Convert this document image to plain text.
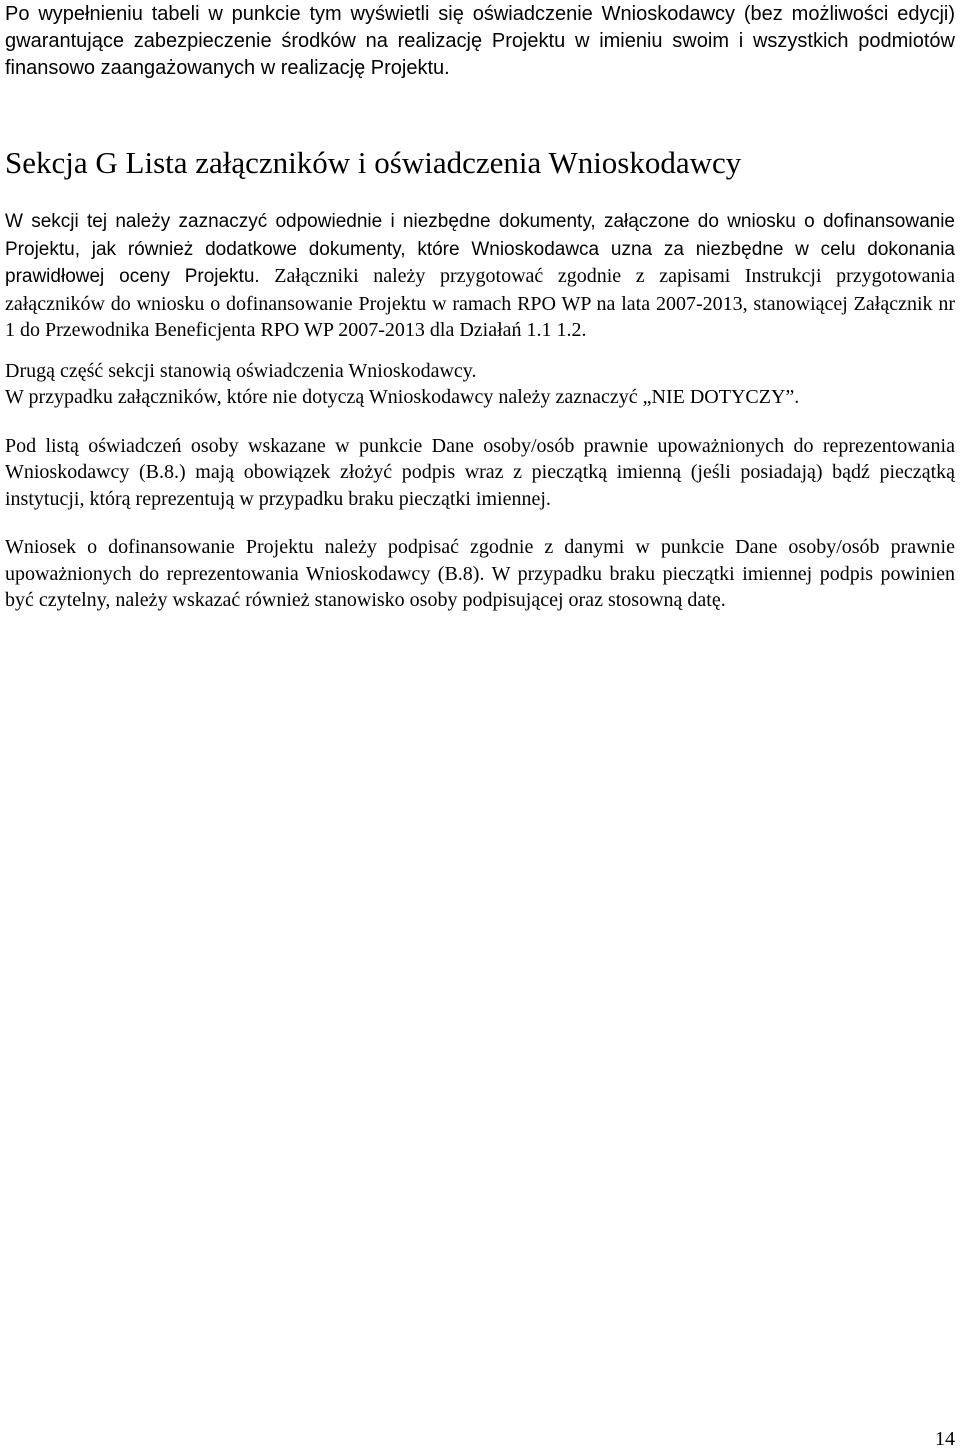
Po wypełnieniu tabeli w punkcie tym wyświetli się oświadczenie Wnioskodawcy (bez możliwości edycji) gwarantujące zabezpieczenie środków na realizację Projektu w imieniu swoim i wszystkich podmiotów finansowo zaangażowanych w realizację Projektu.

Sekcja G Lista załączników i oświadczenia Wnioskodawcy

W sekcji tej należy zaznaczyć odpowiednie i niezbędne dokumenty, załączone do wniosku o dofinansowanie Projektu, jak również dodatkowe dokumenty, które Wnioskodawca uzna za niezbędne w celu dokonania prawidłowej oceny Projektu. Załączniki należy przygotować zgodnie z zapisami Instrukcji przygotowania załączników do wniosku o dofinansowanie Projektu w ramach RPO WP na lata 2007-2013, stanowiącej Załącznik nr 1 do Przewodnika Beneficjenta RPO WP 2007-2013 dla Działań 1.1 1.2.

Drugą część sekcji stanowią oświadczenia Wnioskodawcy.

W przypadku załączników, które nie dotyczą Wnioskodawcy należy zaznaczyć „NIE DOTYCZY”.

Pod listą oświadczeń osoby wskazane w punkcie Dane osoby/osób prawnie upoważnionych do reprezentowania Wnioskodawcy (B.8.) mają obowiązek złożyć podpis wraz z pieczątką imienną (jeśli posiadają) bądź pieczątką instytucji, którą reprezentują w przypadku braku pieczątki imiennej.

Wniosek o dofinansowanie Projektu należy podpisać zgodnie z danymi w punkcie Dane osoby/osób prawnie upoważnionych do reprezentowania Wnioskodawcy (B.8). W przypadku braku pieczątki imiennej podpis powinien być czytelny, należy wskazać również stanowisko osoby podpisującej oraz stosowną datę.

14
